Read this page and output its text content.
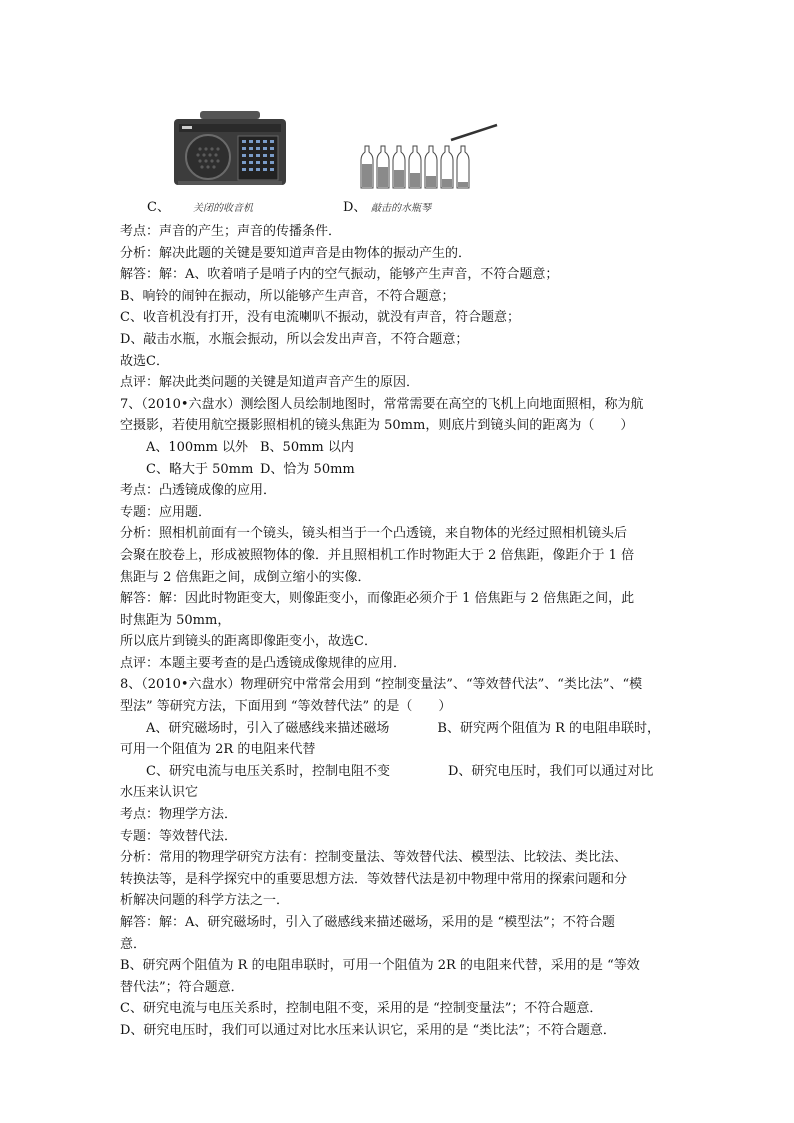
C、 关闭的收音机	D、 敲击的水瓶琴
考点：声音的产生；声音的传播条件．
分析：解决此题的关键是要知道声音是由物体的振动产生的．
解答：解：A、吹着哨子是哨子内的空气振动，能够产生声音，不符合题意；
B、响铃的闹钟在振动，所以能够产生声音，不符合题意；
C、收音机没有打开，没有电流喇叭不振动，就没有声音，符合题意；
D、敲击水瓶，水瓶会振动，所以会发出声音，不符合题意；
故选C．
点评：解决此类问题的关键是知道声音产生的原因．
7、（2010•六盘水）测绘图人员绘制地图时，常常需要在高空的飞机上向地面照相，称为航
空摄影，若使用航空摄影照相机的镜头焦距为 50mm，则底片到镜头间的距离为（　　）
A、100mm 以外 B、50mm 以内
C、略大于 50mm D、恰为 50mm
考点：凸透镜成像的应用．
专题：应用题．
分析：照相机前面有一个镜头，镜头相当于一个凸透镜，来自物体的光经过照相机镜头后
会聚在胶卷上，形成被照物体的像．并且照相机工作时物距大于 2 倍焦距，像距介于 1 倍
焦距与 2 倍焦距之间，成倒立缩小的实像．
解答：解：因此时物距变大，则像距变小，而像距必须介于 1 倍焦距与 2 倍焦距之间，此
时焦距为 50mm，
所以底片到镜头的距离即像距变小，故选C．
点评：本题主要考查的是凸透镜成像规律的应用．
8、（2010•六盘水）物理研究中常常会用到 “控制变量法”、“等效替代法”、“类比法”、“模
型法” 等研究方法，下面用到 “等效替代法” 的是（　　）
A、研究磁场时，引入了磁感线来描述磁场	B、研究两个阻值为 R 的电阻串联时，
可用一个阻值为 2R 的电阻来代替
C、研究电流与电压关系时，控制电阻不变	D、研究电压时，我们可以通过对比
水压来认识它
考点：物理学方法．
专题：等效替代法．
分析：常用的物理学研究方法有：控制变量法、等效替代法、模型法、比较法、类比法、
转换法等，是科学探究中的重要思想方法．等效替代法是初中物理中常用的探索问题和分
析解决问题的科学方法之一．
解答：解：A、研究磁场时，引入了磁感线来描述磁场，采用的是 “模型法”；不符合题
意．
B、研究两个阻值为 R 的电阻串联时，可用一个阻值为 2R 的电阻来代替，采用的是 “等效
替代法”；符合题意．
C、研究电流与电压关系时，控制电阻不变，采用的是 “控制变量法”；不符合题意．
D、研究电压时，我们可以通过对比水压来认识它，采用的是 “类比法”；不符合题意．
